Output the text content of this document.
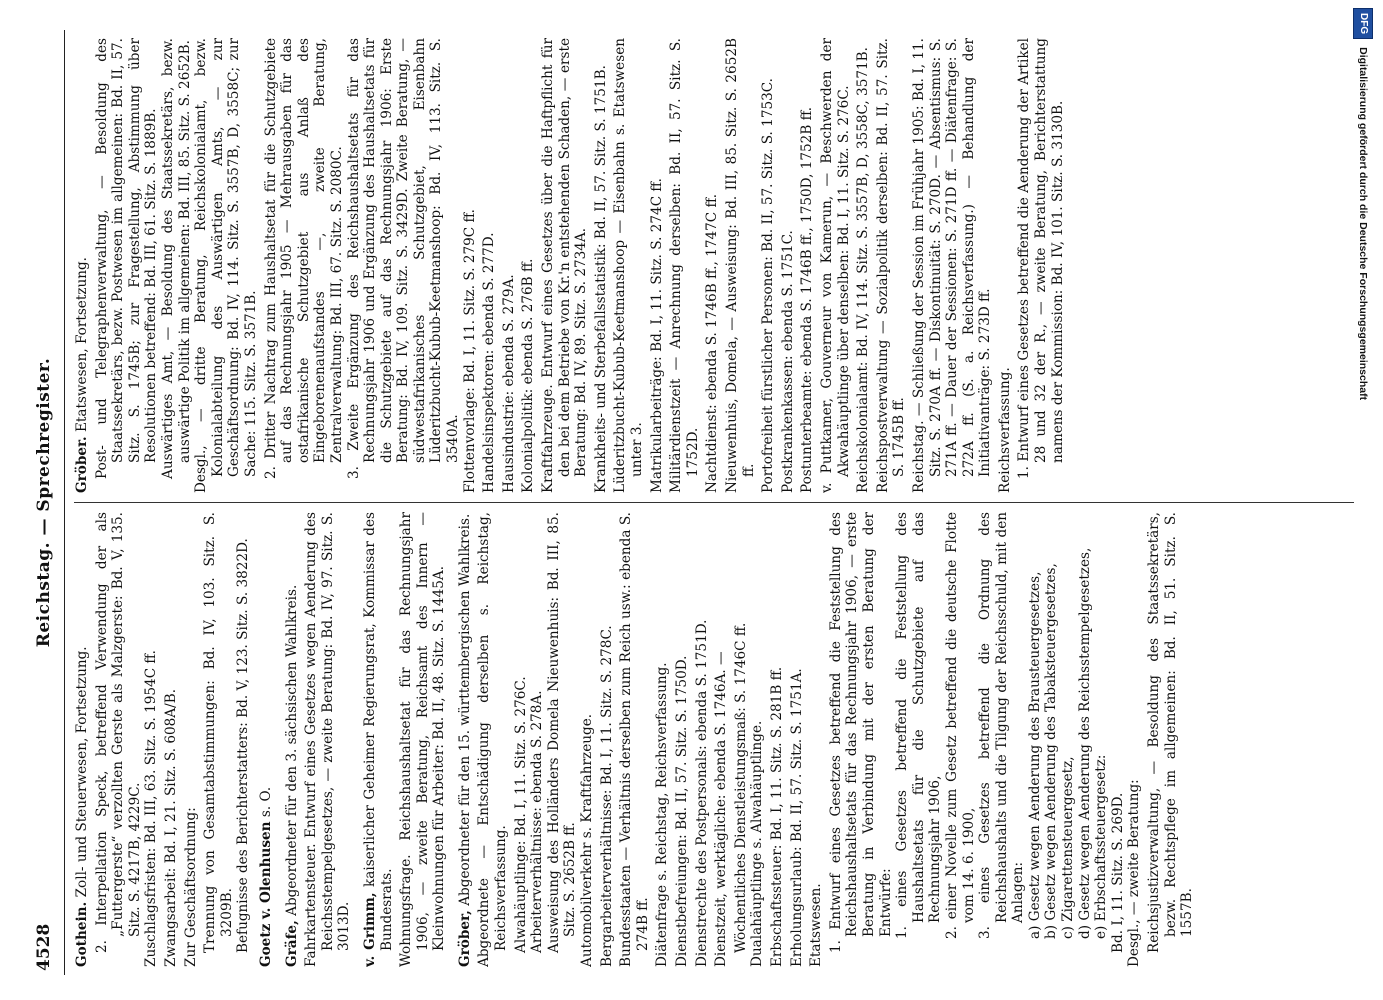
4528
Reichstag. — Sprechregister.
Gothein. Zoll- und Steuerwesen, Fortsetzung. 2. Interpellation Speck, betreffend Verwendung der als „Futtergerste“ verzollten Gerste als Malzgerste: Bd. V, 135. Sitz. S. 4217B, 4229C. Zuschlagsfristen: Bd. III, 63. Sitz. S. 1954C ff. Zwangsarbeit: Bd. I, 21. Sitz. S. 608A/B. Zur Geschäftsordnung: Trennung von Gesamtabstimmungen: Bd. IV, 103. Sitz. S. 3209B. Befugnisse des Berichterstatters: Bd. V, 123. Sitz. S. 3822D. Goetz v. Olenhusen s. O.
Gräfe, Abgeordneter für den 3. sächsischen Wahlkreis. Fahrkartensteuer. Entwurf eines Gesetzes wegen Aenderung des Reichsstempelgesetzes, — zweite Beratung: Bd. IV, 97. Sitz. S. 3013D. v. Grimm, kaiserlicher Geheimer Regierungsrat, Kommissar des Bundesrats. Wohnungsfrage. Reichshaushaltsetat für das Rechnungsjahr 1906, — zweite Beratung, Reichsamt des Innern — Kleinwohnungen für Arbeiter: Bd. II, 48. Sitz. S. 1445A. Gröber, Abgeordneter für den 15. württembergischen Wahlkreis. Abgeordnete — Entschädigung derselben s. Reichstag, Reichsverfassung. Alwahäuptlinge: Bd. I, 11. Sitz. S. 276C. Arbeiterverhältnisse: ebenda S. 278A. Ausweisung des Holländers Domela Nieuwenhuis: Bd. III, 85. Sitz. S. 2652B ff. Automobilverkehr s. Kraftfahrzeuge. Bergarbeiterverhältnisse: Bd. I, 11. Sitz. S. 278C. Bundesstaaten — Verhältnis derselben zum Reich usw.: ebenda S. 274B ff. Diätenfrage s. Reichstag, Reichsverfassung. Dienstbefreiungen: Bd. II, 57. Sitz. S. 1750D. Dienstrechte des Postpersonals: ebenda S. 1751D. Dienstzeit, werktägliche: ebenda S. 1746A. — Wöchentliches Dienstleistungsmaß: S. 1746C ff. Dualahäuptlinge s. Alwahäuptlinge. Erbschaftssteuer: Bd. I, 11. Sitz. S. 281B ff. Erholungsurlaub: Bd. II, 57. Sitz. S. 1751A. Etatswesen. 1. Entwurf eines Gesetzes betreffend die Feststellung des Reichshaushaltsetats für das Rechnungsjahr 1906, — erste Beratung in Verbindung mit der ersten Beratung der Entwürfe: 1. eines Gesetzes betreffend die Feststellung des Haushaltsetats für die Schutzgebiete auf das Rechnungsjahr 1906, 2. einer Novelle zum Gesetz betreffend die deutsche Flotte vom 14. 6. 1900, 3. eines Gesetzes betreffend die Ordnung des Reichshaushalts und die Tilgung der Reichsschuld, mit den Anlagen: a) Gesetz wegen Aenderung des Brausteuergesetzes, b) Gesetz wegen Aenderung des Tabaksteuergesetzes, c) Zigarettensteuergesetz, d) Gesetz wegen Aenderung des Reichsstempelgesetzes, e) Erbschaftssteuergesetz: Bd. I, 11. Sitz. S. 269D. Desgl., — zweite Beratung: Reichsjustizverwaltung, — Besoldung des Staatssekretärs, bezw. Rechtspflege im allgemeinen: Bd. II, 51. Sitz. S. 1557B.
Gröber. Etatswesen, Fortsetzung. Post- und Telegraphenverwaltung, — Besoldung des Staatssekretärs, bezw. Postwesen im allgemeinen: Bd. II, 57. Sitz. S. 1745B; zur Fragestellung, Abstimmung über Resolutionen betreffend: Bd. III, 61. Sitz. S. 1889B. Auswärtiges Amt, — Besoldung des Staatssekretärs, bezw. auswärtige Politik im allgemeinen: Bd. III, 85. Sitz. S. 2652B. Desgl., — dritte Beratung, Reichskolonialamt, bezw. Kolonialabteilung des Auswärtigen Amts, — zur Geschäftsordnung: Bd. IV, 114. Sitz. S. 3557B, D, 3558C; zur Sache: 115. Sitz. S. 3571B. 2. Dritter Nachtrag zum Haushaltsetat für die Schutzgebiete auf das Rechnungsjahr 1905 — Mehrausgaben für das ostafrikanische Schutzgebiet aus Anlaß des Eingeborenenaufstandes —, zweite Beratung, Zentralverwaltung: Bd. III, 67. Sitz. S. 2080C. 3. Zweite Ergänzung des Reichshaushaltsetats für das Rechnungsjahr 1906 und Ergänzung des Haushaltsetats für die Schutzgebiete auf das Rechnungsjahr 1906: Erste Beratung: Bd. IV, 109. Sitz. S. 3429D. Zweite Beratung, — südwestafrikanisches Schutzgebiet, Eisenbahn Lüderitzbucht-Kubub-Keetmanshoop: Bd. IV, 113. Sitz. S. 3540A. Flottenvorlage: Bd. I, 11. Sitz. S. 279C ff. Handelsinspektoren: ebenda S. 277D. Hausindustrie: ebenda S. 279A. Kolonialpolitik: ebenda S. 276B ff. Kraftfahrzeuge. Entwurf eines Gesetzes über die Haftpflicht für den bei dem Betriebe von Kr.'n entstehenden Schaden, — erste Beratung: Bd. IV, 89. Sitz. S. 2734A. Krankheits- und Sterbefallsstatistik: Bd. II, 57. Sitz. S. 1751B. Lüderitzbucht-Kubub-Keetmanshoop — Eisenbahn s. Etatswesen unter 3. Matrikularbeiträge: Bd. I, 11. Sitz. S. 274C ff. Militärdienstzeit — Anrechnung derselben: Bd. II, 57. Sitz. S. 1752D. Nachtdienst: ebenda S. 1746B ff., 1747C ff. Nieuwenhuis, Domela, — Ausweisung: Bd. III, 85. Sitz. S. 2652B ff. Portofreiheit fürstlicher Personen: Bd. II, 57. Sitz. S. 1753C. Postkrankenkassen: ebenda S. 1751C. Postunterbeamte: ebenda S. 1746B ff., 1750D, 1752B ff. v. Puttkamer, Gouverneur von Kamerun, — Beschwerden der Akwahäuptlinge über denselben: Bd. I, 11. Sitz. S. 276C. Reichskolonialamt: Bd. IV, 114. Sitz. S. 3557B, D, 3558C, 3571B. Reichspostverwaltung — Sozialpolitik derselben: Bd. II, 57. Sitz. S. 1745B ff. Reichstag. — Schließung der Session im Frühjahr 1905: Bd. I, 11. Sitz. S. 270A ff. — Diskontinuität: S. 270D. — Absentismus: S. 271A ff. — Dauer der Sessionen: S. 271D ff. — Diätenfrage: S. 272A ff. (S. a. Reichsverfassung.) — Behandlung der Initiativanträge: S. 273D ff. Reichsverfassung. 1. Entwurf eines Gesetzes betreffend die Aenderung der Artikel 28 und 32 der R., — zweite Beratung, Berichterstattung namens der Kommission: Bd. IV, 101. Sitz. S. 3130B.
DFG
Digitalisierung gefördert durch die Deutsche Forschungsgemeinschaft
